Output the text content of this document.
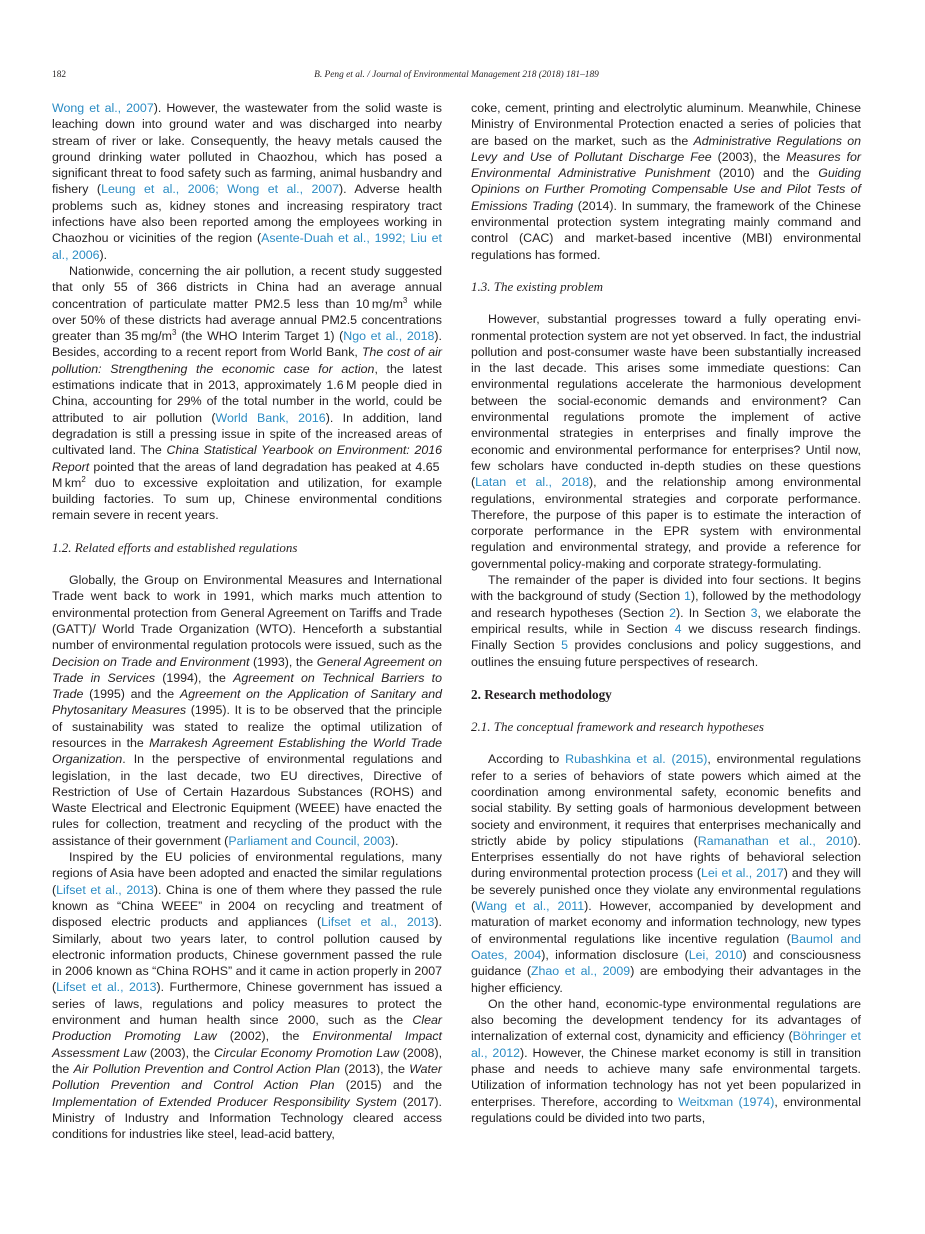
182	B. Peng et al. / Journal of Environmental Management 218 (2018) 181–189

Wong et al., 2007). However, the wastewater from the solid waste is leaching down into ground water and was discharged into nearby stream of river or lake. Consequently, the heavy metals caused the ground drinking water polluted in Chaozhou, which has posed a significant threat to food safety such as farming, animal husbandry and fishery (Leung et al., 2006; Wong et al., 2007). Adverse health problems such as, kidney stones and increasing respiratory tract infections have also been reported among the employees working in Chaozhou or vicinities of the region (Asente-Duah et al., 1992; Liu et al., 2006).

Nationwide, concerning the air pollution, a recent study suggested that only 55 of 366 districts in China had an average annual concentration of particulate matter PM2.5 less than 10 $mg/m^3$ while over 50% of these districts had average annual PM2.5 concentrations greater than 35 $mg/m^3$ (the WHO Interim Target 1) (Ngo et al., 2018). Besides, according to a recent report from World Bank, The cost of air pollution: Strengthening the economic case for action, the latest estimations indicate that in 2013, approximately 1.6 M people died in China, accounting for 29% of the total number in the world, could be attributed to air pollution (World Bank, 2016). In addition, land degradation is still a pressing issue in spite of the increased areas of cultivated land. The China Statistical Yearbook on Environment: 2016 Report pointed that the areas of land degradation has peaked at 4.65 M $km^2$ duo to excessive exploitation and utilization, for example building factories. To sum up, Chinese environmental conditions remain severe in recent years.

1.2. Related efforts and established regulations

Globally, the Group on Environmental Measures and International Trade went back to work in 1991, which marks much attention to environmental protection from General Agreement on Tariffs and Trade (GATT)/ World Trade Organization (WTO). Henceforth a substantial number of environmental regulation protocols were issued, such as the Decision on Trade and Environment (1993), the General Agreement on Trade in Services (1994), the Agreement on Technical Barriers to Trade (1995) and the Agreement on the Application of Sanitary and Phytosanitary Measures (1995). It is to be observed that the principle of sustainability was stated to realize the optimal utilization of resources in the Marrakesh Agreement Establishing the World Trade Organization. In the perspective of environmental regulations and legislation, in the last decade, two EU directives, Directive of Restriction of Use of Certain Hazardous Substances (ROHS) and Waste Electrical and Electronic Equipment (WEEE) have enacted the rules for collection, treatment and recycling of the product with the assistance of their government (Parliament and Council, 2003).

Inspired by the EU policies of environmental regulations, many regions of Asia have been adopted and enacted the similar regulations (Lifset et al., 2013). China is one of them where they passed the rule known as “China WEEE” in 2004 on recycling and treatment of disposed electric products and appliances (Lifset et al., 2013). Similarly, about two years later, to control pollution caused by electronic information products, Chinese government passed the rule in 2006 known as “China ROHS” and it came in action properly in 2007 (Lifset et al., 2013). Furthermore, Chinese government has issued a series of laws, regulations and policy measures to protect the environment and human health since 2000, such as the Clear Production Promoting Law (2002), the Environmental Impact Assessment Law (2003), the Circular Economy Promotion Law (2008), the Air Pollution Prevention and Control Action Plan (2013), the Water Pollution Prevention and Control Action Plan (2015) and the Implementation of Extended Producer Responsibility System (2017). Ministry of Industry and Information Technology cleared access conditions for industries like steel, lead-acid battery,

coke, cement, printing and electrolytic aluminum. Meanwhile, Chinese Ministry of Environmental Protection enacted a series of policies that are based on the market, such as the Administrative Regulations on Levy and Use of Pollutant Discharge Fee (2003), the Measures for Environmental Administrative Punishment (2010) and the Guiding Opinions on Further Promoting Compensable Use and Pilot Tests of Emissions Trading (2014). In summary, the framework of the Chinese environmental protection system integrating mainly command and control (CAC) and market-based incentive (MBI) environmental regulations has formed.

1.3. The existing problem

However, substantial progresses toward a fully operating environmental protection system are not yet observed. In fact, the industrial pollution and post-consumer waste have been substantially increased in the last decade. This arises some immediate questions: Can environmental regulations accelerate the harmonious development between the social-economic demands and environment? Can environmental regulations promote the implement of active environmental strategies in enterprises and finally improve the economic and environmental performance for enterprises? Until now, few scholars have conducted in-depth studies on these questions (Latan et al., 2018), and the relationship among environmental regulations, environmental strategies and corporate performance. Therefore, the purpose of this paper is to estimate the interaction of corporate performance in the EPR system with environmental regulation and environmental strategy, and provide a reference for governmental policy-making and corporate strategy-formulating.

The remainder of the paper is divided into four sections. It begins with the background of study (Section 1), followed by the methodology and research hypotheses (Section 2). In Section 3, we elaborate the empirical results, while in Section 4 we discuss research findings. Finally Section 5 provides conclusions and policy suggestions, and outlines the ensuing future perspectives of research.

2. Research methodology
2.1. The conceptual framework and research hypotheses

According to Rubashkina et al. (2015), environmental regulations refer to a series of behaviors of state powers which aimed at the coordination among environmental safety, economic benefits and social stability. By setting goals of harmonious development between society and environment, it requires that enterprises mechanically and strictly abide by policy stipulations (Ramanathan et al., 2010). Enterprises essentially do not have rights of behavioral selection during environmental protection process (Lei et al., 2017) and they will be severely punished once they violate any environmental regulations (Wang et al., 2011). However, accompanied by development and maturation of market economy and information technology, new types of environmental regulations like incentive regulation (Baumol and Oates, 2004), information disclosure (Lei, 2010) and consciousness guidance (Zhao et al., 2009) are embodying their advantages in the higher efficiency.

On the other hand, economic-type environmental regulations are also becoming the development tendency for its advantages of internalization of external cost, dynamicity and efficiency (Böhringer et al., 2012). However, the Chinese market economy is still in transition phase and needs to achieve many safe environmental targets. Utilization of information technology has not yet been popularized in enterprises. Therefore, according to Weitxman (1974), environmental regulations could be divided into two parts,
